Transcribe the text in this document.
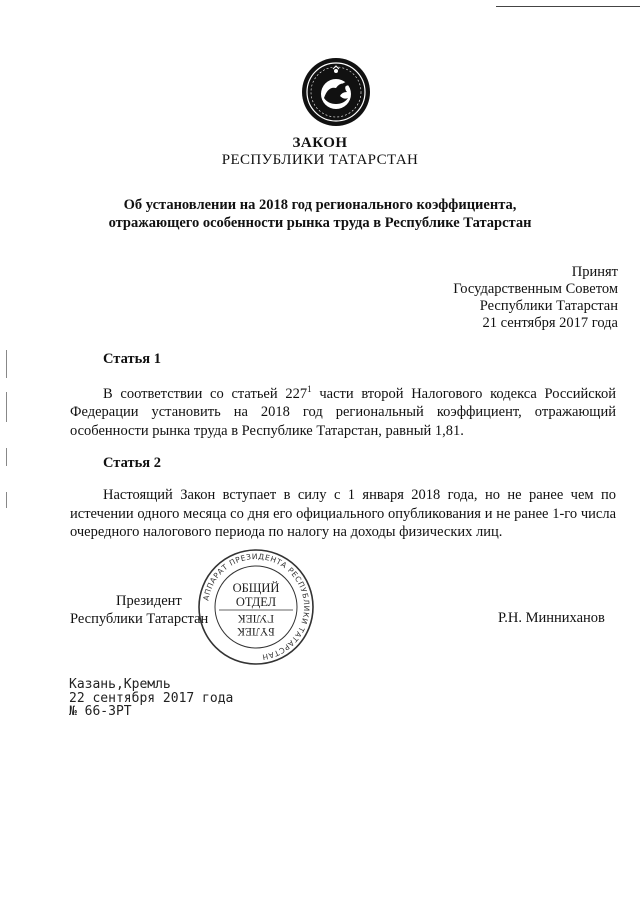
ЗАКОН
РЕСПУБЛИКИ ТАТАРСТАН
Об установлении на 2018 год регионального коэффициента,
отражающего особенности рынка труда в Республике Татарстан
Принят
Государственным Советом
Республики Татарстан
21 сентября 2017 года
Статья 1

В соответствии со статьей $227^1$ части второй Налогового кодекса Российской Федерации установить на 2018 год региональный коэффициент, отражающий особенности рынка труда в Республике Татарстан, равный 1,81.

Статья 2

Настоящий Закон вступает в силу с 1 января 2018 года, но не ранее чем по истечении одного месяца со дня его официального опубликования и не ранее 1-го числа очередного налогового периода по налогу на доходы физических лиц.

Президент
Республики Татарстан
АППАРАТ ПРЕЗИДЕНТА РЕСПУБЛИКИ ТАТАРСТАН
ОБЩИЙ
ОТДЕЛ
ГУЛЕК
БҮЛЕК
Р.Н. Минниханов
Казань,Кремль
22 сентября 2017 года
№ 66-ЗРТ
